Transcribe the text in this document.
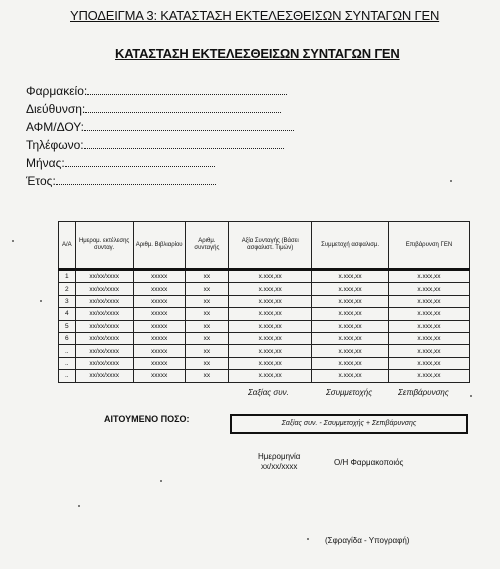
ΥΠΟΔΕΙΓΜΑ 3: ΚΑΤΑΣΤΑΣΗ ΕΚΤΕΛΕΣΘΕΙΣΩΝ ΣΥΝΤΑΓΩΝ ΓΕΝ
ΚΑΤΑΣΤΑΣΗ ΕΚΤΕΛΕΣΘΕΙΣΩΝ ΣΥΝΤΑΓΩΝ ΓΕΝ
Φαρμακείο:
Διεύθυνση:
ΑΦΜ/ΔΟΥ:
Τηλέφωνο:
Μήνας:
Έτος:
Α/Α	Ημερομ. εκτέλεσης συνταγ.	Αριθμ. Βιβλιαρίου	Αριθμ. συνταγής	Αξία Συνταγής (Βάσει ασφαλιστ. Τιμών)	Συμμετοχή ασφαλισμ.	Επιβάρυνση ΓΕΝ
1	xx/xx/xxxx	xxxxx	xx	x.xxx,xx	x.xxx,xx	x.xxx,xx
2	xx/xx/xxxx	xxxxx	xx	x.xxx,xx	x.xxx,xx	x.xxx,xx
3	xx/xx/xxxx	xxxxx	xx	x.xxx,xx	x.xxx,xx	x.xxx,xx
4	xx/xx/xxxx	xxxxx	xx	x.xxx,xx	x.xxx,xx	x.xxx,xx
5	xx/xx/xxxx	xxxxx	xx	x.xxx,xx	x.xxx,xx	x.xxx,xx
6	xx/xx/xxxx	xxxxx	xx	x.xxx,xx	x.xxx,xx	x.xxx,xx
..	xx/xx/xxxx	xxxxx	xx	x.xxx,xx	x.xxx,xx	x.xxx,xx
..	xx/xx/xxxx	xxxxx	xx	x.xxx,xx	x.xxx,xx	x.xxx,xx
..	xx/xx/xxxx	xxxxx	xx	x.xxx,xx	x.xxx,xx	x.xxx,xx
Σαξίας συν.	Σσυμμετοχής	Σεπιβάρυνσης
ΑΙΤΟΥΜΕΝΟ ΠΟΣΟ:	Σαξίας συν. - Σσυμμετοχής + Σεπιβάρυνσης
Ημερομηνία
xx/xx/xxxx	Ο/Η Φαρμακοποιός
(Σφραγίδα - Υπογραφή)
